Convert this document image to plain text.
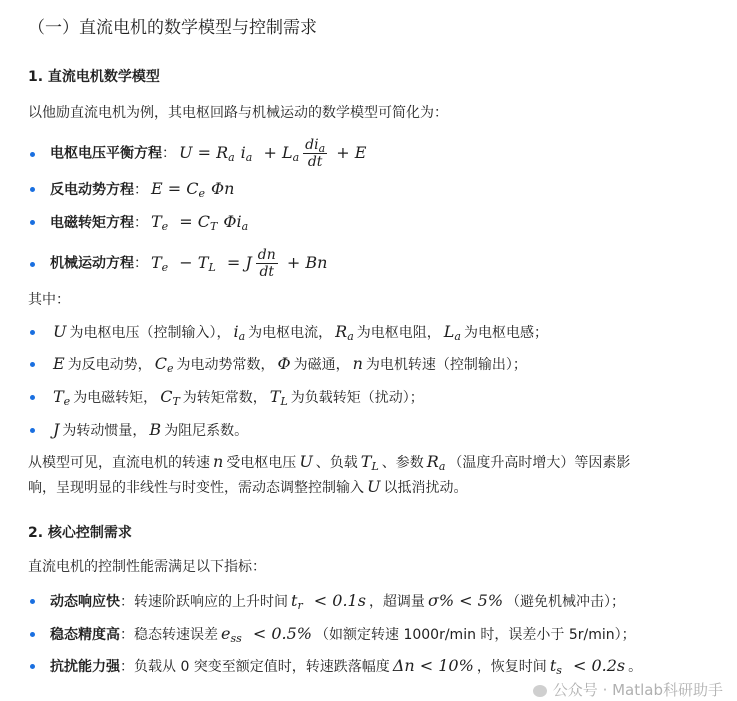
（一）直流电机的数学模型与控制需求
1. 直流电机数学模型
以他励直流电机为例，其电枢回路与机械运动的数学模型可简化为：
电枢电压平衡方程： $U = R_a$ $i_a + L_a \frac{di_a}{dt} + E$
反电动势方程： $E = C_e$ Φn
电磁转矩方程： $T_e = C_T$ $\Phi i_a$
机械运动方程： $T_e - T_L = J \frac{dn}{dt} + Bn$
其中：
U 为电枢电压（控制输入）， $i_a$ 为电枢电流， $R_a$ 为电枢电阻， $L_a$ 为电枢电感；
E 为反电动势， $C_e$ 为电动势常数， Φ 为磁通， n 为电机转速（控制输出）；
$T_e$ 为电磁转矩， $C_T$ 为转矩常数， $T_L$ 为负载转矩（扰动）；
J 为转动惯量， B 为阻尼系数。
从模型可见，直流电机的转速 n 受电枢电压 U 、负载 $T_L$ 、参数 $R_a$ （温度升高时增大）等因素影
响，呈现明显的非线性与时变性，需动态调整控制输入 U 以抵消扰动。
2. 核心控制需求
直流电机的控制性能需满足以下指标：
动态响应快：转速阶跃响应的上升时间 $t_r < 0.1s$ ，超调量 σ% < 5% （避免机械冲击）；
稳态精度高：稳态转速误差 $e_{ss} < 0.5\%$ （如额定转速 1000r/min 时，误差小于 5r/min）；
抗扰能力强：负载从 0 突变至额定值时，转速跌落幅度 Δn < 10% ，恢复时间 $t_s < 0.2s$ 。
公众号 · Matlab科研助手
